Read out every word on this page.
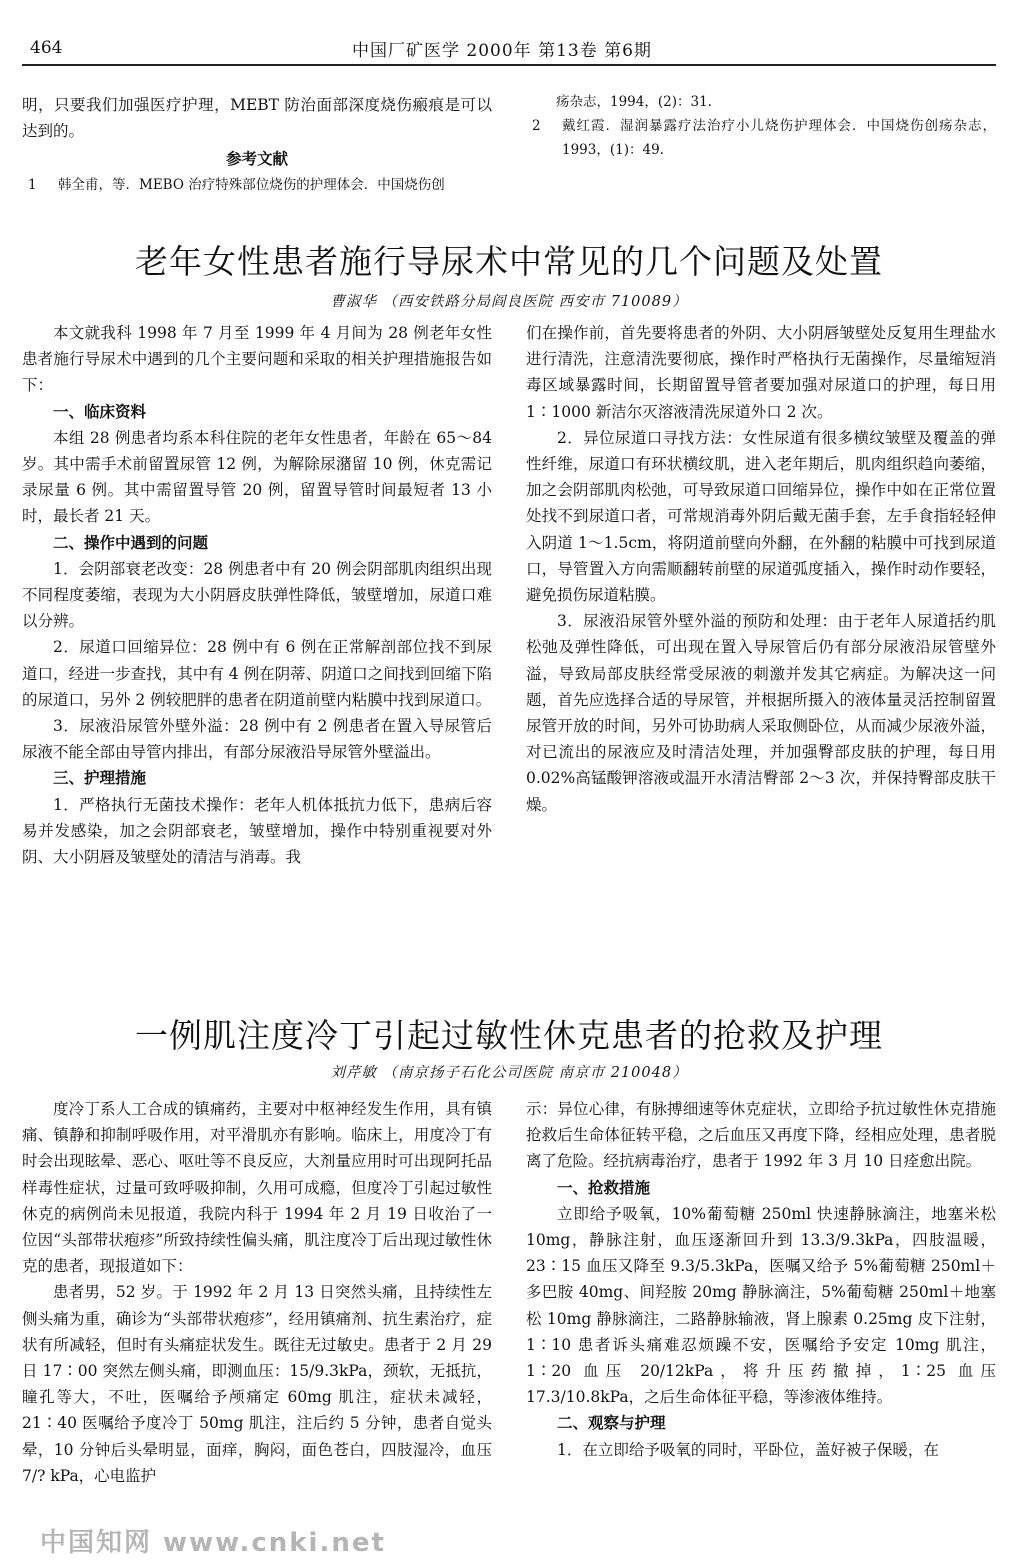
464	中国厂矿医学 2000年 第13卷 第6期

明，只要我们加强医疗护理，MEBT 防治面部深度烧伤瘢痕是可以达到的。

参考文献

1	韩全甫，等．MEBO 治疗特殊部位烧伤的护理体会．中国烧伤创
疡杂志，1994，(2)：31.
2	戴红霞．湿润暴露疗法治疗小儿烧伤护理体会．中国烧伤创疡杂志，1993，(1)：49.
老年女性患者施行导尿术中常见的几个问题及处置
曹淑华 （西安铁路分局阎良医院 西安市 710089）

本文就我科 1998 年 7 月至 1999 年 4 月间为 28 例老年女性患者施行导尿术中遇到的几个主要问题和采取的相关护理措施报告如下：

一、临床资料

本组 28 例患者均系本科住院的老年女性患者，年龄在 65～84 岁。其中需手术前留置尿管 12 例，为解除尿潴留 10 例，休克需记录尿量 6 例。其中需留置导管 20 例，留置导管时间最短者 13 小时，最长者 21 天。

二、操作中遇到的问题

1．会阴部衰老改变：28 例患者中有 20 例会阴部肌肉组织出现不同程度萎缩，表现为大小阴唇皮肤弹性降低，皱壁增加，尿道口难以分辨。

2．尿道口回缩异位：28 例中有 6 例在正常解剖部位找不到尿道口，经进一步查找，其中有 4 例在阴蒂、阴道口之间找到回缩下陷的尿道口，另外 2 例较肥胖的患者在阴道前壁内粘膜中找到尿道口。

3．尿液沿尿管外壁外溢：28 例中有 2 例患者在置入导尿管后尿液不能全部由导管内排出，有部分尿液沿导尿管外壁溢出。

三、护理措施

1．严格执行无菌技术操作：老年人机体抵抗力低下，患病后容易并发感染，加之会阴部衰老，皱壁增加，操作中特别重视要对外阴、大小阴唇及皱壁处的清洁与消毒。我

们在操作前，首先要将患者的外阴、大小阴唇皱壁处反复用生理盐水进行清洗，注意清洗要彻底，操作时严格执行无菌操作，尽量缩短消毒区域暴露时间，长期留置导管者要加强对尿道口的护理，每日用 1∶1000 新洁尔灭溶液清洗尿道外口 2 次。

2．异位尿道口寻找方法：女性尿道有很多横纹皱壁及覆盖的弹性纤维，尿道口有环状横纹肌，进入老年期后，肌肉组织趋向萎缩，加之会阴部肌肉松弛，可导致尿道口回缩异位，操作中如在正常位置处找不到尿道口者，可常规消毒外阴后戴无菌手套，左手食指轻轻伸入阴道 1～1.5cm，将阴道前壁向外翻，在外翻的粘膜中可找到尿道口，导管置入方向需顺翻转前壁的尿道弧度插入，操作时动作要轻，避免损伤尿道粘膜。

3．尿液沿尿管外壁外溢的预防和处理：由于老年人尿道括约肌松弛及弹性降低，可出现在置入导尿管后仍有部分尿液沿尿管壁外溢，导致局部皮肤经常受尿液的刺激并发其它病症。为解决这一问题，首先应选择合适的导尿管，并根据所摄入的液体量灵活控制留置尿管开放的时间，另外可协助病人采取侧卧位，从而减少尿液外溢，对已流出的尿液应及时清洁处理，并加强臀部皮肤的护理，每日用 0.02%高锰酸钾溶液或温开水清洁臀部 2～3 次，并保持臀部皮肤干燥。

一例肌注度冷丁引起过敏性休克患者的抢救及护理
刘芹敏 （南京扬子石化公司医院 南京市 210048）

度冷丁系人工合成的镇痛药，主要对中枢神经发生作用，具有镇痛、镇静和抑制呼吸作用，对平滑肌亦有影响。临床上，用度冷丁有时会出现眩晕、恶心、呕吐等不良反应，大剂量应用时可出现阿托品样毒性症状，过量可致呼吸抑制，久用可成瘾，但度冷丁引起过敏性休克的病例尚未见报道，我院内科于 1994 年 2 月 19 日收治了一位因“头部带状疱疹”所致持续性偏头痛，肌注度冷丁后出现过敏性休克的患者，现报道如下：

患者男，52 岁。于 1992 年 2 月 13 日突然头痛，且持续性左侧头痛为重，确诊为“头部带状疱疹”，经用镇痛剂、抗生素治疗，症状有所减轻，但时有头痛症状发生。既往无过敏史。患者于 2 月 29 日 17∶00 突然左侧头痛，即测血压：15/9.3kPa，颈软，无抵抗，瞳孔等大，不吐，医嘱给予颅痛定 60mg 肌注，症状未减轻，21∶40 医嘱给予度冷丁 50mg 肌注，注后约 5 分钟，患者自觉头晕，10 分钟后头晕明显，面痒，胸闷，面色苍白，四肢湿冷，血压 7/? kPa，心电监护

示：异位心律，有脉搏细速等休克症状，立即给予抗过敏性休克措施抢救后生命体征转平稳，之后血压又再度下降，经相应处理，患者脱离了危险。经抗病毒治疗，患者于 1992 年 3 月 10 日痊愈出院。

一、抢救措施

立即给予吸氧，10%葡萄糖 250ml 快速静脉滴注，地塞米松 10mg，静脉注射，血压逐渐回升到 13.3/9.3kPa，四肢温暖，23∶15 血压又降至 9.3/5.3kPa，医嘱又给予 5%葡萄糖 250ml＋多巴胺 40mg、间羟胺 20mg 静脉滴注，5%葡萄糖 250ml＋地塞松 10mg 静脉滴注，二路静脉输液，肾上腺素 0.25mg 皮下注射，1∶10 患者诉头痛难忍烦躁不安，医嘱给予安定 10mg 肌注，1∶20 血压 20/12kPa，将升压药撤掉，1∶25 血压 17.3/10.8kPa，之后生命体征平稳，等渗液体维持。

二、观察与护理

1．在立即给予吸氧的同时，平卧位，盖好被子保暖，在

中国知网 www.cnki.net
